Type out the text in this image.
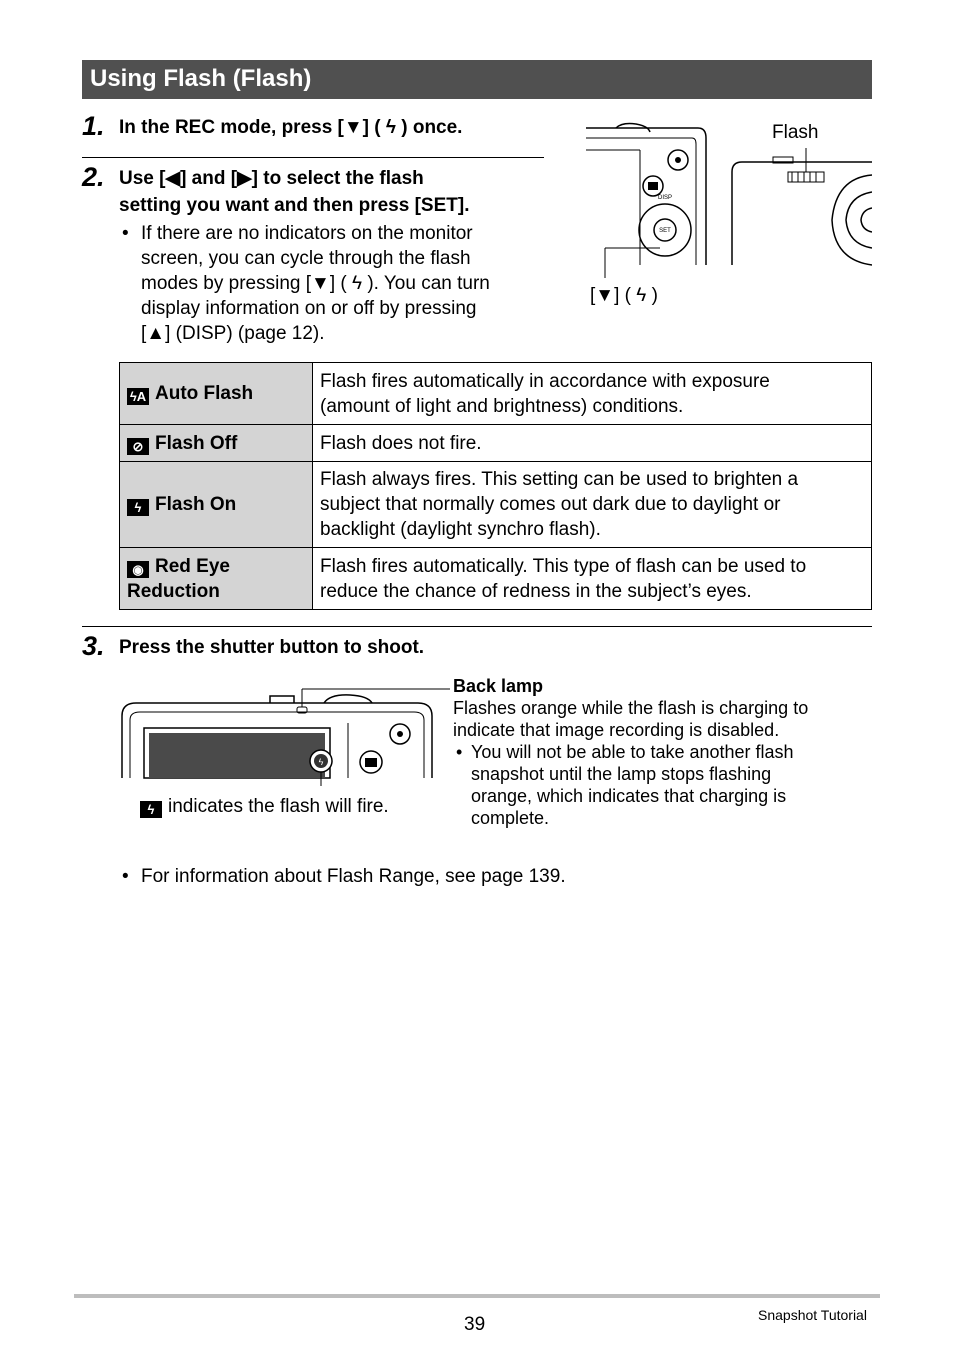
Using Flash (Flash)
1. In the REC mode, press [▼] ( ϟ ) once.
2. Use [◀] and [▶] to select the flash
setting you want and then press [SET].
• If there are no indicators on the monitor
screen, you can cycle through the flash
modes by pressing [▼] ( ϟ ). You can turn
display information on or off by pressing
[▲] (DISP) (page 12).
DISP
SET
Flash
[▼] ( ϟ )
ϟA Auto Flash	Flash fires automatically in accordance with exposure
(amount of light and brightness) conditions.
⊘ Flash Off	Flash does not fire.
ϟ Flash On	Flash always fires. This setting can be used to brighten a
subject that normally comes out dark due to daylight or
backlight (daylight synchro flash).
◉ Red Eye
Reduction	Flash fires automatically. This type of flash can be used to
reduce the chance of redness in the subject’s eyes.
3. Press the shutter button to shoot.
ϟ
ϟ indicates the flash will fire.
Back lamp
Flashes orange while the flash is charging to
indicate that image recording is disabled.
• You will not be able to take another flash
snapshot until the lamp stops flashing
orange, which indicates that charging is
complete.
• For information about Flash Range, see page 139.
39	Snapshot Tutorial
